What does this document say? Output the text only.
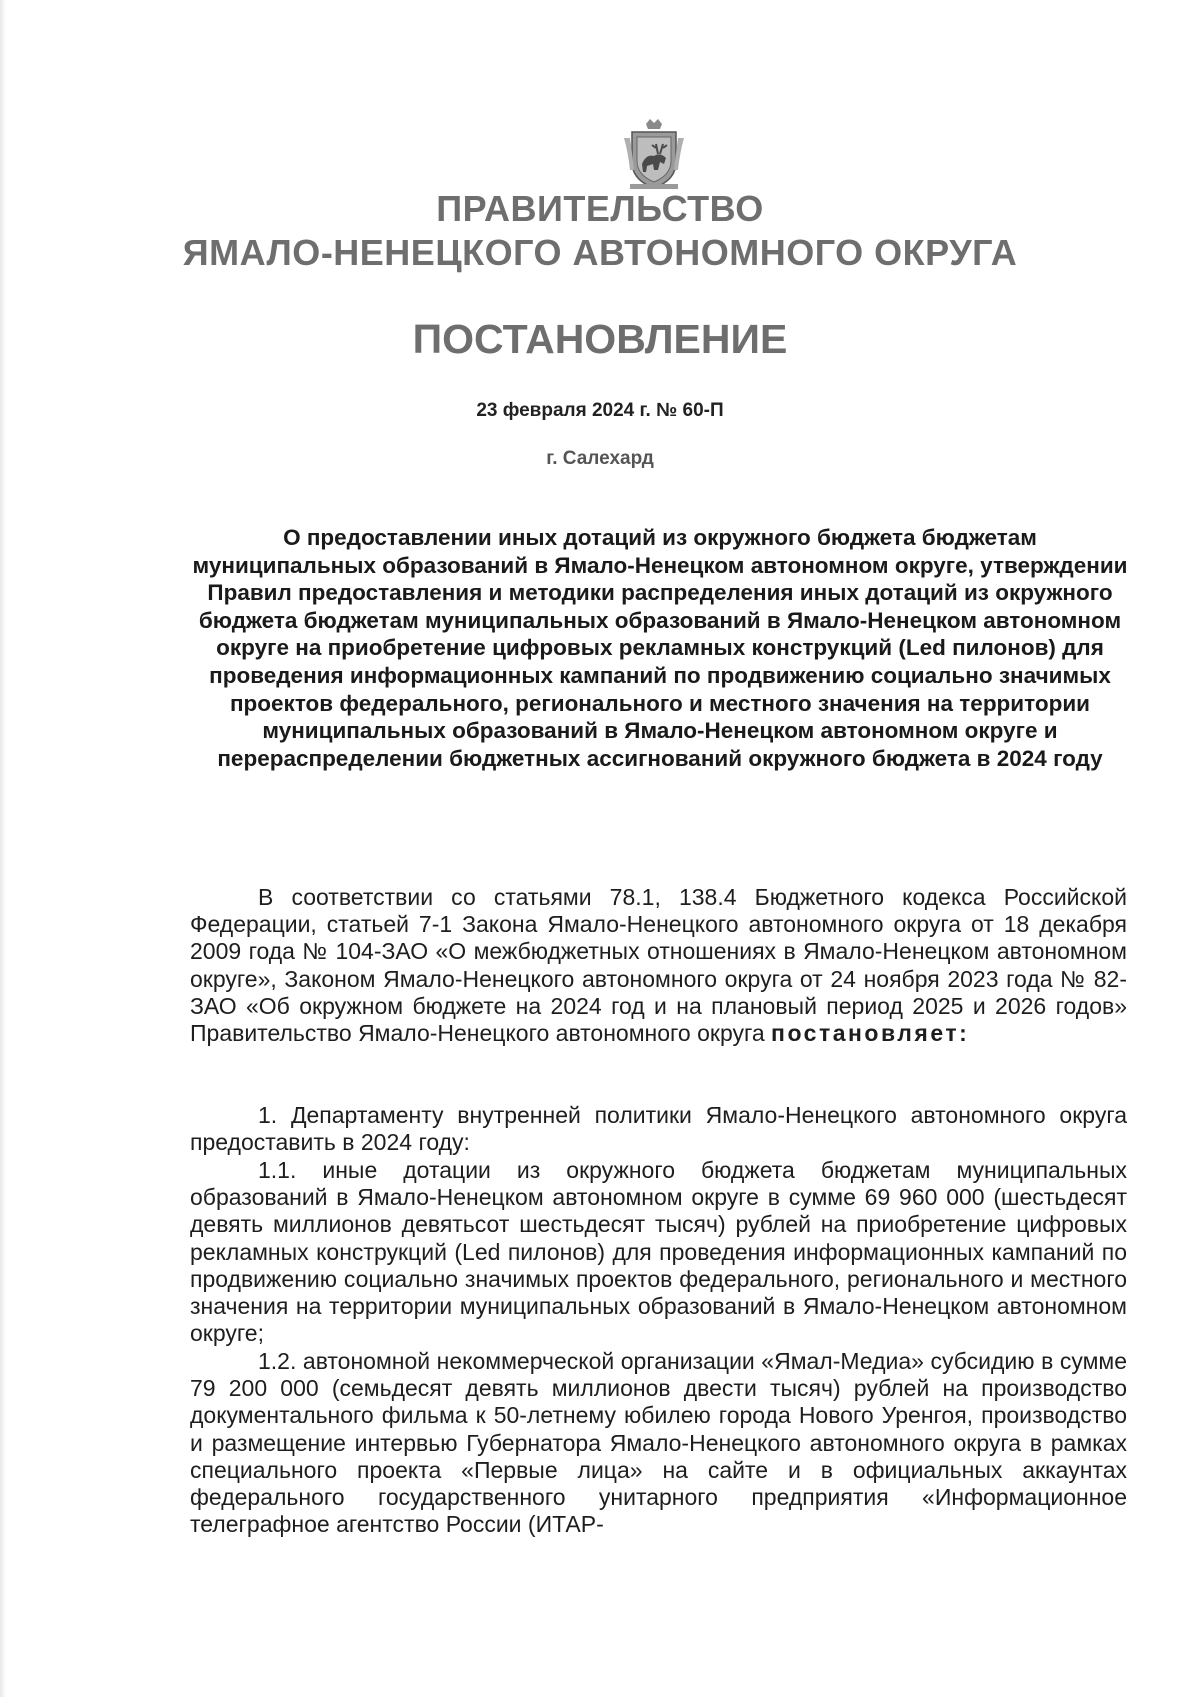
ПРАВИТЕЛЬСТВО
ЯМАЛО-НЕНЕЦКОГО АВТОНОМНОГО ОКРУГА
ПОСТАНОВЛЕНИЕ
23 февраля 2024 г. № 60-П
г. Салехард

О предоставлении иных дотаций из окружного бюджета бюджетам муниципальных образований в Ямало-Ненецком автономном округе, утверждении Правил предоставления и методики распределения иных дотаций из окружного бюджета бюджетам муниципальных образований в Ямало-Ненецком автономном округе на приобретение цифровых рекламных конструкций (Led пилонов) для проведения информационных кампаний по продвижению социально значимых проектов федерального, регионального и местного значения на территории муниципальных образований в Ямало-Ненецком автономном округе и перераспределении бюджетных ассигнований окружного бюджета в 2024 году

В соответствии со статьями 78.1, 138.4 Бюджетного кодекса Российской Федерации, статьей 7-1 Закона Ямало-Ненецкого автономного округа от 18 декабря 2009 года № 104-ЗАО «О межбюджетных отношениях в Ямало-Ненецком автономном округе», Законом Ямало-Ненецкого автономного округа от 24 ноября 2023 года № 82-ЗАО «Об окружном бюджете на 2024 год и на плановый период 2025 и 2026 годов» Правительство Ямало-Ненецкого автономного округа постановляет:

1. Департаменту внутренней политики Ямало-Ненецкого автономного округа предоставить в 2024 году:

1.1. иные дотации из окружного бюджета бюджетам муниципальных образований в Ямало-Ненецком автономном округе в сумме 69 960 000 (шестьдесят девять миллионов девятьсот шестьдесят тысяч) рублей на приобретение цифровых рекламных конструкций (Led пилонов) для проведения информационных кампаний по продвижению социально значимых проектов федерального, регионального и местного значения на территории муниципальных образований в Ямало-Ненецком автономном округе;

1.2. автономной некоммерческой организации «Ямал-Медиа» субсидию в сумме 79 200 000 (семьдесят девять миллионов двести тысяч) рублей на производство документального фильма к 50-летнему юбилею города Нового Уренгоя, производство и размещение интервью Губернатора Ямало-Ненецкого автономного округа в рамках специального проекта «Первые лица» на сайте и в официальных аккаунтах федерального государственного унитарного предприятия «Информационное телеграфное агентство России (ИТАР-
